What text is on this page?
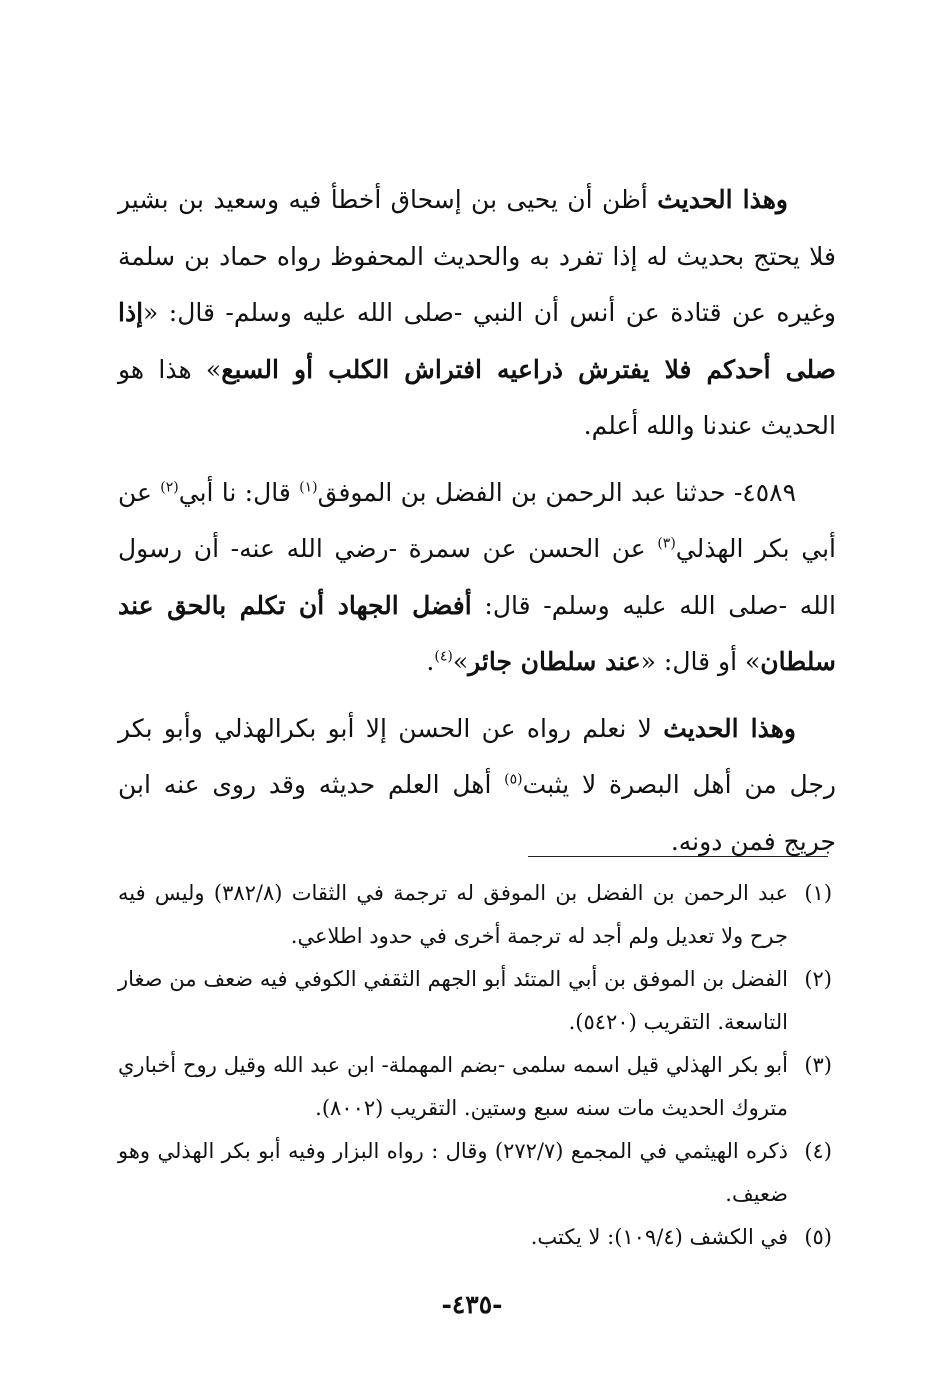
وهذا الحديث أظن أن يحيى بن إسحاق أخطأ فيه وسعيد بن بشير فلا يحتج بحديث له إذا تفرد به والحديث المحفوظ رواه حماد بن سلمة وغيره عن قتادة عن أنس أن النبي -صلى الله عليه وسلم- قال: «إذا صلى أحدكم فلا يفترش ذراعيه افتراش الكلب أو السبع» هذا هو الحديث عندنا والله أعلم.

٤٥٨٩- حدثنا عبد الرحمن بن الفضل بن الموفق$^{(١)}$ قال: نا أبي$^{(٢)}$ عن أبي بكر الهذلي$^{(٣)}$ عن الحسن عن سمرة -رضي الله عنه- أن رسول الله -صلى الله عليه وسلم- قال: أفضل الجهاد أن تكلم بالحق عند سلطان» أو قال: «عند سلطان جائر»$^{(٤)}$.

وهذا الحديث لا نعلم رواه عن الحسن إلا أبو بكرالهذلي وأبو بكر رجل من أهل البصرة لا يثبت$^{(٥)}$ أهل العلم حديثه وقد روى عنه ابن جريج فمن دونه.

(١)عبد الرحمن بن الفضل بن الموفق له ترجمة في الثقات (٣٨٢/٨) وليس فيه جرح ولا تعديل ولم أجد له ترجمة أخرى في حدود اطلاعي.

(٢)الفضل بن الموفق بن أبي المتئد أبو الجهم الثقفي الكوفي فيه ضعف من صغار التاسعة. التقريب (٥٤٢٠).

(٣)أبو بكر الهذلي قيل اسمه سلمى -بضم المهملة- ابن عبد الله وقيل روح أخباري متروك الحديث مات سنه سبع وستين. التقريب (٨٠٠٢).

(٤)ذكره الهيثمي في المجمع (٢٧٢/٧) وقال : رواه البزار وفيه أبو بكر الهذلي وهو ضعيف.

(٥)في الكشف (١٠٩/٤): لا يكتب.

-٤٣٥-
